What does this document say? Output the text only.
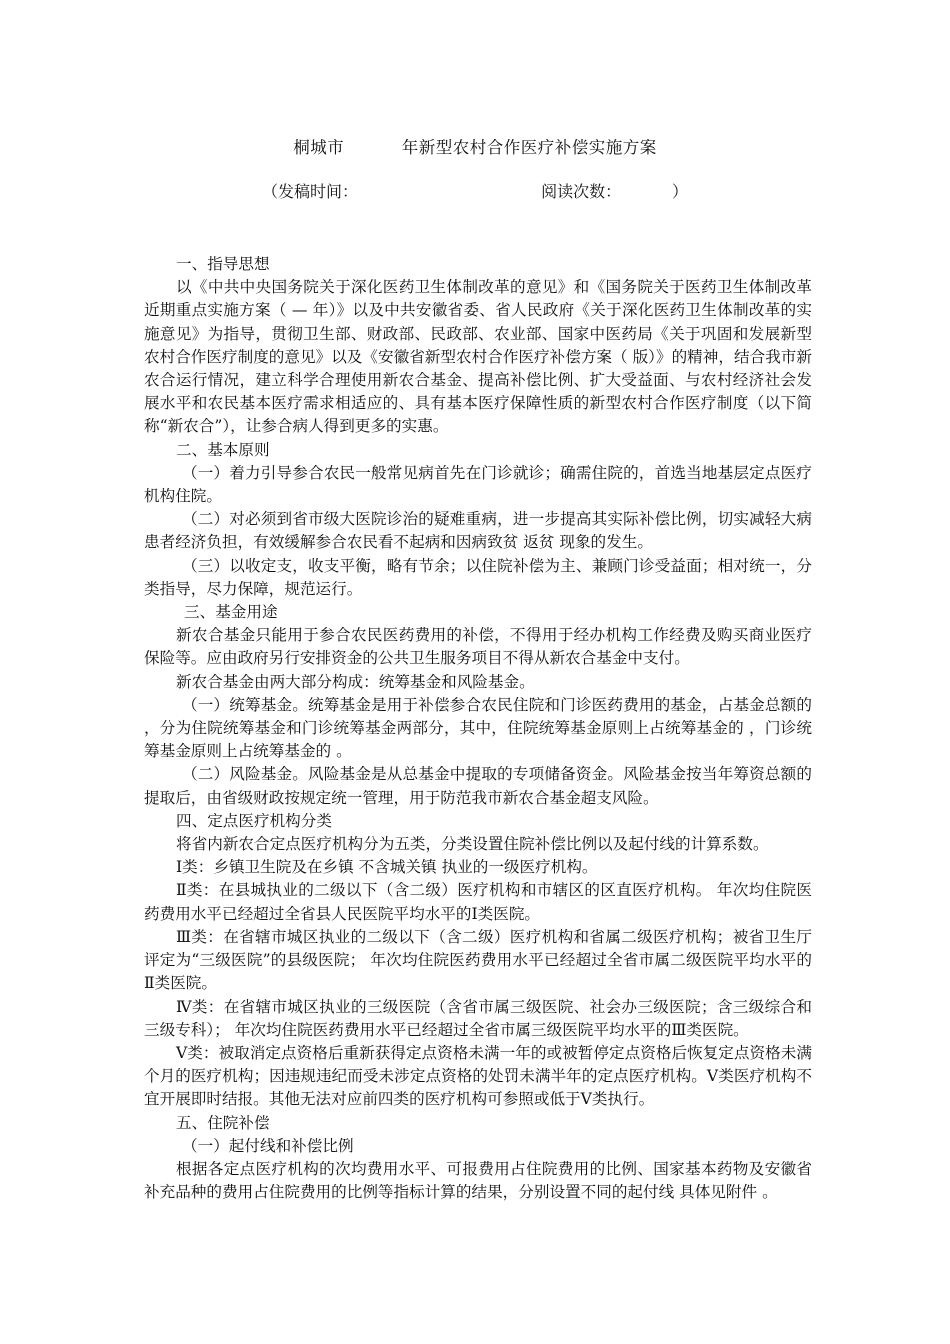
桐城市          年新型农村合作医疗补偿实施方案
（发稿时间：                                    阅读次数：          ）

一、指导思想

以《中共中央国务院关于深化医药卫生体制改革的意见》和《国务院关于医药卫生体制改革近期重点实施方案（ — 年）》以及中共安徽省委、省人民政府《关于深化医药卫生体制改革的实施意见》为指导，贯彻卫生部、财政部、民政部、农业部、国家中医药局《关于巩固和发展新型农村合作医疗制度的意见》以及《安徽省新型农村合作医疗补偿方案（ 版）》的精神，结合我市新农合运行情况，建立科学合理使用新农合基金、提高补偿比例、扩大受益面、与农村经济社会发展水平和农民基本医疗需求相适应的、具有基本医疗保障性质的新型农村合作医疗制度（以下简称“新农合”），让参合病人得到更多的实惠。

二、基本原则

（一）着力引导参合农民一般常见病首先在门诊就诊；确需住院的，首选当地基层定点医疗机构住院。

（二）对必须到省市级大医院诊治的疑难重病，进一步提高其实际补偿比例，切实减轻大病患者经济负担，有效缓解参合农民看不起病和因病致贫 返贫 现象的发生。

（三）以收定支，收支平衡，略有节余；以住院补偿为主、兼顾门诊受益面；相对统一，分类指导，尽力保障，规范运行。

三、基金用途

新农合基金只能用于参合农民医药费用的补偿，不得用于经办机构工作经费及购买商业医疗保险等。应由政府另行安排资金的公共卫生服务项目不得从新农合基金中支付。

新农合基金由两大部分构成：统筹基金和风险基金。

（一）统筹基金。统筹基金是用于补偿参合农民住院和门诊医药费用的基金，占基金总额的 ，分为住院统筹基金和门诊统筹基金两部分，其中，住院统筹基金原则上占统筹基金的 ，门诊统筹基金原则上占统筹基金的 。

（二）风险基金。风险基金是从总基金中提取的专项储备资金。风险基金按当年筹资总额的 提取后，由省级财政按规定统一管理，用于防范我市新农合基金超支风险。

四、定点医疗机构分类

将省内新农合定点医疗机构分为五类，分类设置住院补偿比例以及起付线的计算系数。

Ⅰ类：乡镇卫生院及在乡镇 不含城关镇 执业的一级医疗机构。

Ⅱ类：在县城执业的二级以下（含二级）医疗机构和市辖区的区直医疗机构。 年次均住院医药费用水平已经超过全省县人民医院平均水平的Ⅰ类医院。

Ⅲ类：在省辖市城区执业的二级以下（含二级）医疗机构和省属二级医疗机构；被省卫生厅评定为“三级医院”的县级医院； 年次均住院医药费用水平已经超过全省市属二级医院平均水平的Ⅱ类医院。

Ⅳ类：在省辖市城区执业的三级医院（含省市属三级医院、社会办三级医院；含三级综合和三级专科）； 年次均住院医药费用水平已经超过全省市属三级医院平均水平的Ⅲ类医院。

Ⅴ类：被取消定点资格后重新获得定点资格未满一年的或被暂停定点资格后恢复定点资格未满 个月的医疗机构；因违规违纪而受未涉定点资格的处罚未满半年的定点医疗机构。Ⅴ类医疗机构不宜开展即时结报。其他无法对应前四类的医疗机构可参照或低于Ⅴ类执行。

五、住院补偿

（一）起付线和补偿比例

根据各定点医疗机构的次均费用水平、可报费用占住院费用的比例、国家基本药物及安徽省补充品种的费用占住院费用的比例等指标计算的结果，分别设置不同的起付线 具体见附件 。
